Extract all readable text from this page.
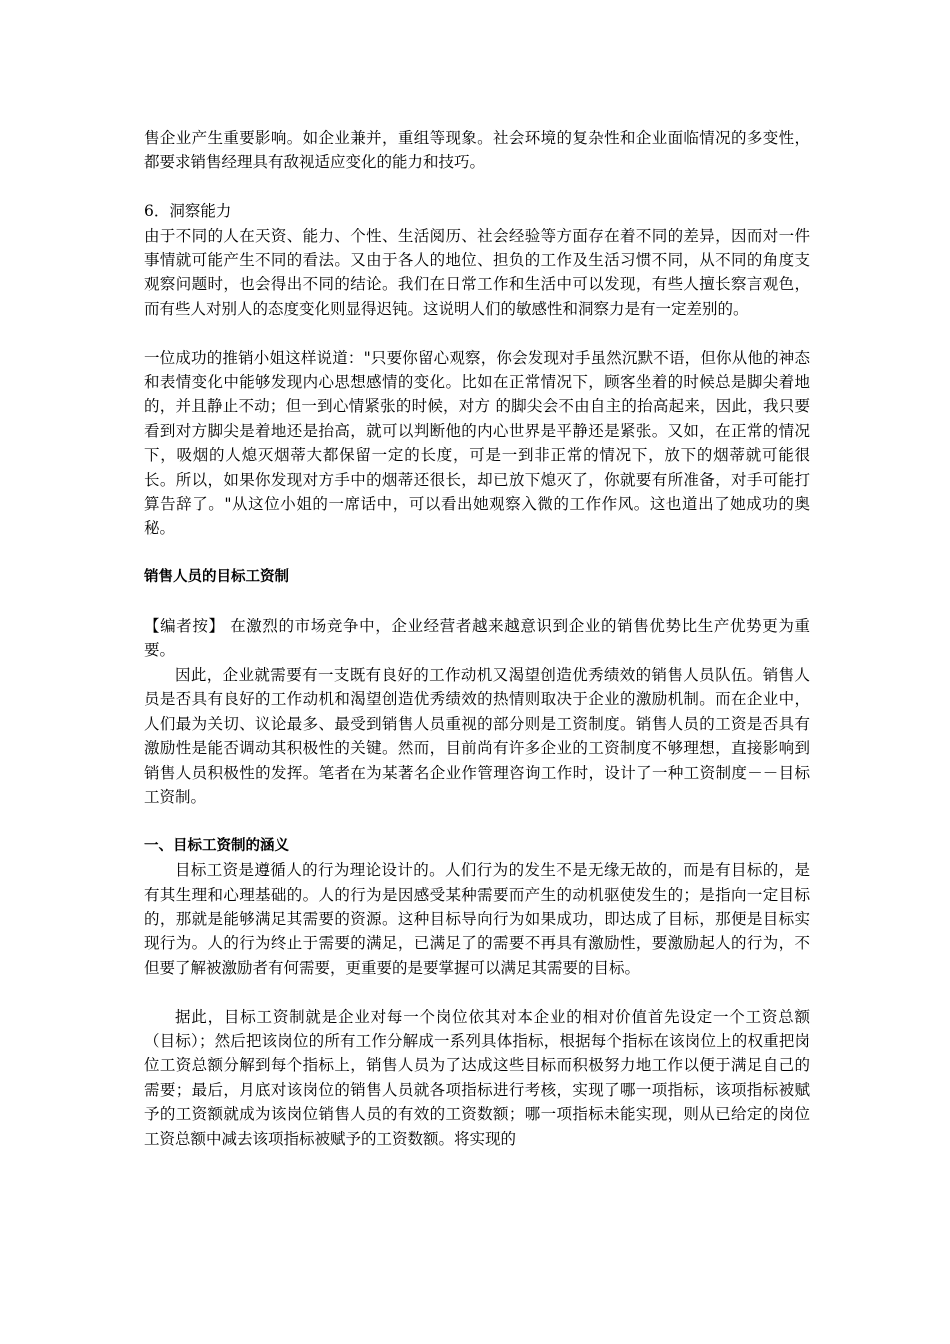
售企业产生重要影响。如企业兼并，重组等现象。社会环境的复杂性和企业面临情况的多变性，都要求销售经理具有敌视适应变化的能力和技巧。

6．洞察能力

由于不同的人在天资、能力、个性、生活阅历、社会经验等方面存在着不同的差异，因而对一件事情就可能产生不同的看法。又由于各人的地位、担负的工作及生活习惯不同，从不同的角度支观察问题时，也会得出不同的结论。我们在日常工作和生活中可以发现，有些人擅长察言观色，而有些人对别人的态度变化则显得迟钝。这说明人们的敏感性和洞察力是有一定差别的。

一位成功的推销小姐这样说道："只要你留心观察，你会发现对手虽然沉默不语，但你从他的神态和表情变化中能够发现内心思想感情的变化。比如在正常情况下，顾客坐着的时候总是脚尖着地的，并且静止不动；但一到心情紧张的时候，对方 的脚尖会不由自主的抬高起来，因此，我只要看到对方脚尖是着地还是抬高，就可以判断他的内心世界是平静还是紧张。又如，在正常的情况下，吸烟的人熄灭烟蒂大都保留一定的长度，可是一到非正常的情况下，放下的烟蒂就可能很长。所以，如果你发现对方手中的烟蒂还很长，却已放下熄灭了，你就要有所准备，对手可能打算告辞了。"从这位小姐的一席话中，可以看出她观察入微的工作作风。这也道出了她成功的奥秘。

销售人员的目标工资制

【编者按】 在激烈的市场竞争中，企业经营者越来越意识到企业的销售优势比生产优势更为重要。

因此，企业就需要有一支既有良好的工作动机又渴望创造优秀绩效的销售人员队伍。销售人员是否具有良好的工作动机和渴望创造优秀绩效的热情则取决于企业的激励机制。而在企业中，人们最为关切、议论最多、最受到销售人员重视的部分则是工资制度。销售人员的工资是否具有激励性是能否调动其积极性的关键。然而，目前尚有许多企业的工资制度不够理想，直接影响到销售人员积极性的发挥。笔者在为某著名企业作管理咨询工作时，设计了一种工资制度－－目标工资制。

一、目标工资制的涵义

目标工资是遵循人的行为理论设计的。人们行为的发生不是无缘无故的，而是有目标的，是有其生理和心理基础的。人的行为是因感受某种需要而产生的动机驱使发生的；是指向一定目标的，那就是能够满足其需要的资源。这种目标导向行为如果成功，即达成了目标，那便是目标实现行为。人的行为终止于需要的满足，已满足了的需要不再具有激励性，要激励起人的行为，不但要了解被激励者有何需要，更重要的是要掌握可以满足其需要的目标。

据此，目标工资制就是企业对每一个岗位依其对本企业的相对价值首先设定一个工资总额（目标）；然后把该岗位的所有工作分解成一系列具体指标，根据每个指标在该岗位上的权重把岗位工资总额分解到每个指标上，销售人员为了达成这些目标而积极努力地工作以便于满足自己的需要；最后，月底对该岗位的销售人员就各项指标进行考核，实现了哪一项指标，该项指标被赋予的工资额就成为该岗位销售人员的有效的工资数额；哪一项指标未能实现，则从已给定的岗位工资总额中减去该项指标被赋予的工资数额。将实现的
